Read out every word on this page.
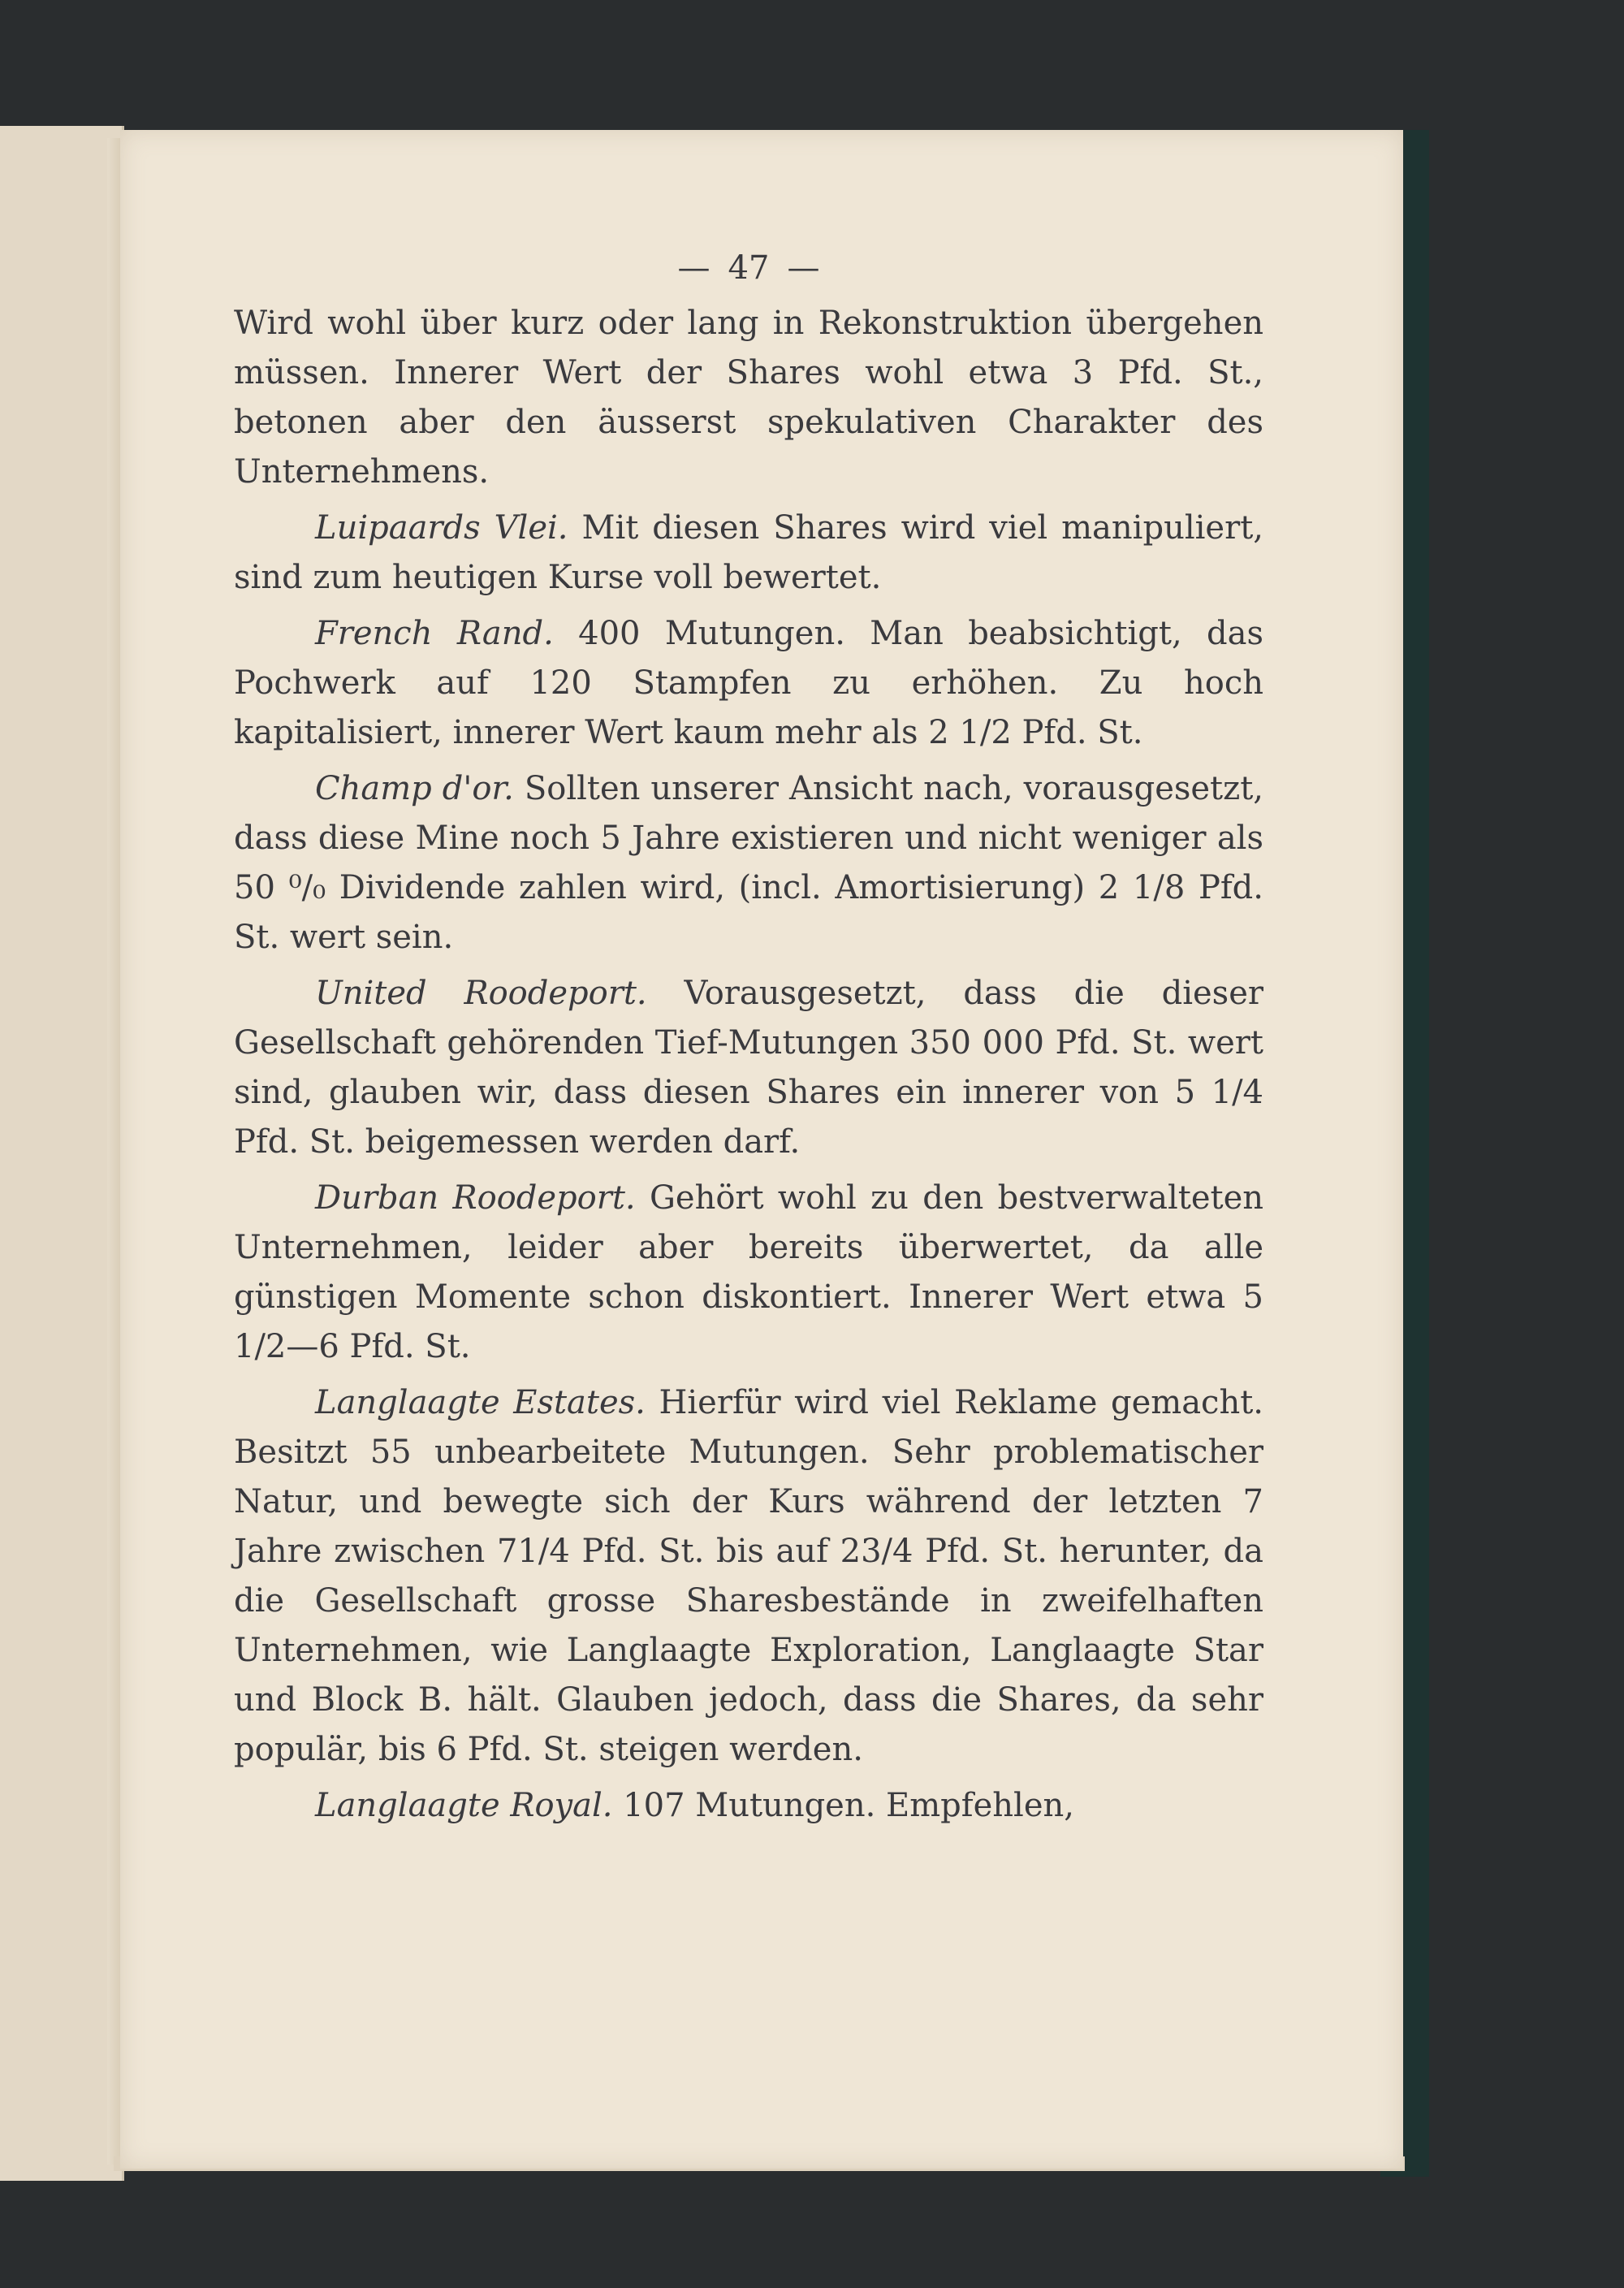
— 47 —

Wird wohl über kurz oder lang in Rekonstruktion übergehen müssen. Innerer Wert der Shares wohl etwa 3 Pfd. St., betonen aber den äusserst spekulativen Charakter des Unternehmens.

Luipaards Vlei. Mit diesen Shares wird viel manipuliert, sind zum heutigen Kurse voll bewertet.

French Rand. 400 Mutungen. Man beabsichtigt, das Pochwerk auf 120 Stampfen zu erhöhen. Zu hoch kapitalisiert, innerer Wert kaum mehr als 2 1/2 Pfd. St.

Champ d'or. Sollten unserer Ansicht nach, vorausgesetzt, dass diese Mine noch 5 Jahre existieren und nicht weniger als 50 ⁰/₀ Dividende zahlen wird, (incl. Amortisierung) 2 1/8 Pfd. St. wert sein.

United Roodeport. Vorausgesetzt, dass die dieser Gesellschaft gehörenden Tief-Mutungen 350 000 Pfd. St. wert sind, glauben wir, dass diesen Shares ein innerer von 5 1/4 Pfd. St. beigemessen werden darf.

Durban Roodeport. Gehört wohl zu den bestverwalteten Unternehmen, leider aber bereits überwertet, da alle günstigen Momente schon diskontiert. Innerer Wert etwa 5 1/2—6 Pfd. St.

Langlaagte Estates. Hierfür wird viel Reklame gemacht. Besitzt 55 unbearbeitete Mutungen. Sehr problematischer Natur, und bewegte sich der Kurs während der letzten 7 Jahre zwischen 71/4 Pfd. St. bis auf 23/4 Pfd. St. herunter, da die Gesellschaft grosse Sharesbestände in zweifelhaften Unternehmen, wie Langlaagte Exploration, Langlaagte Star und Block B. hält. Glauben jedoch, dass die Shares, da sehr populär, bis 6 Pfd. St. steigen werden.

Langlaagte Royal. 107 Mutungen. Empfehlen,
